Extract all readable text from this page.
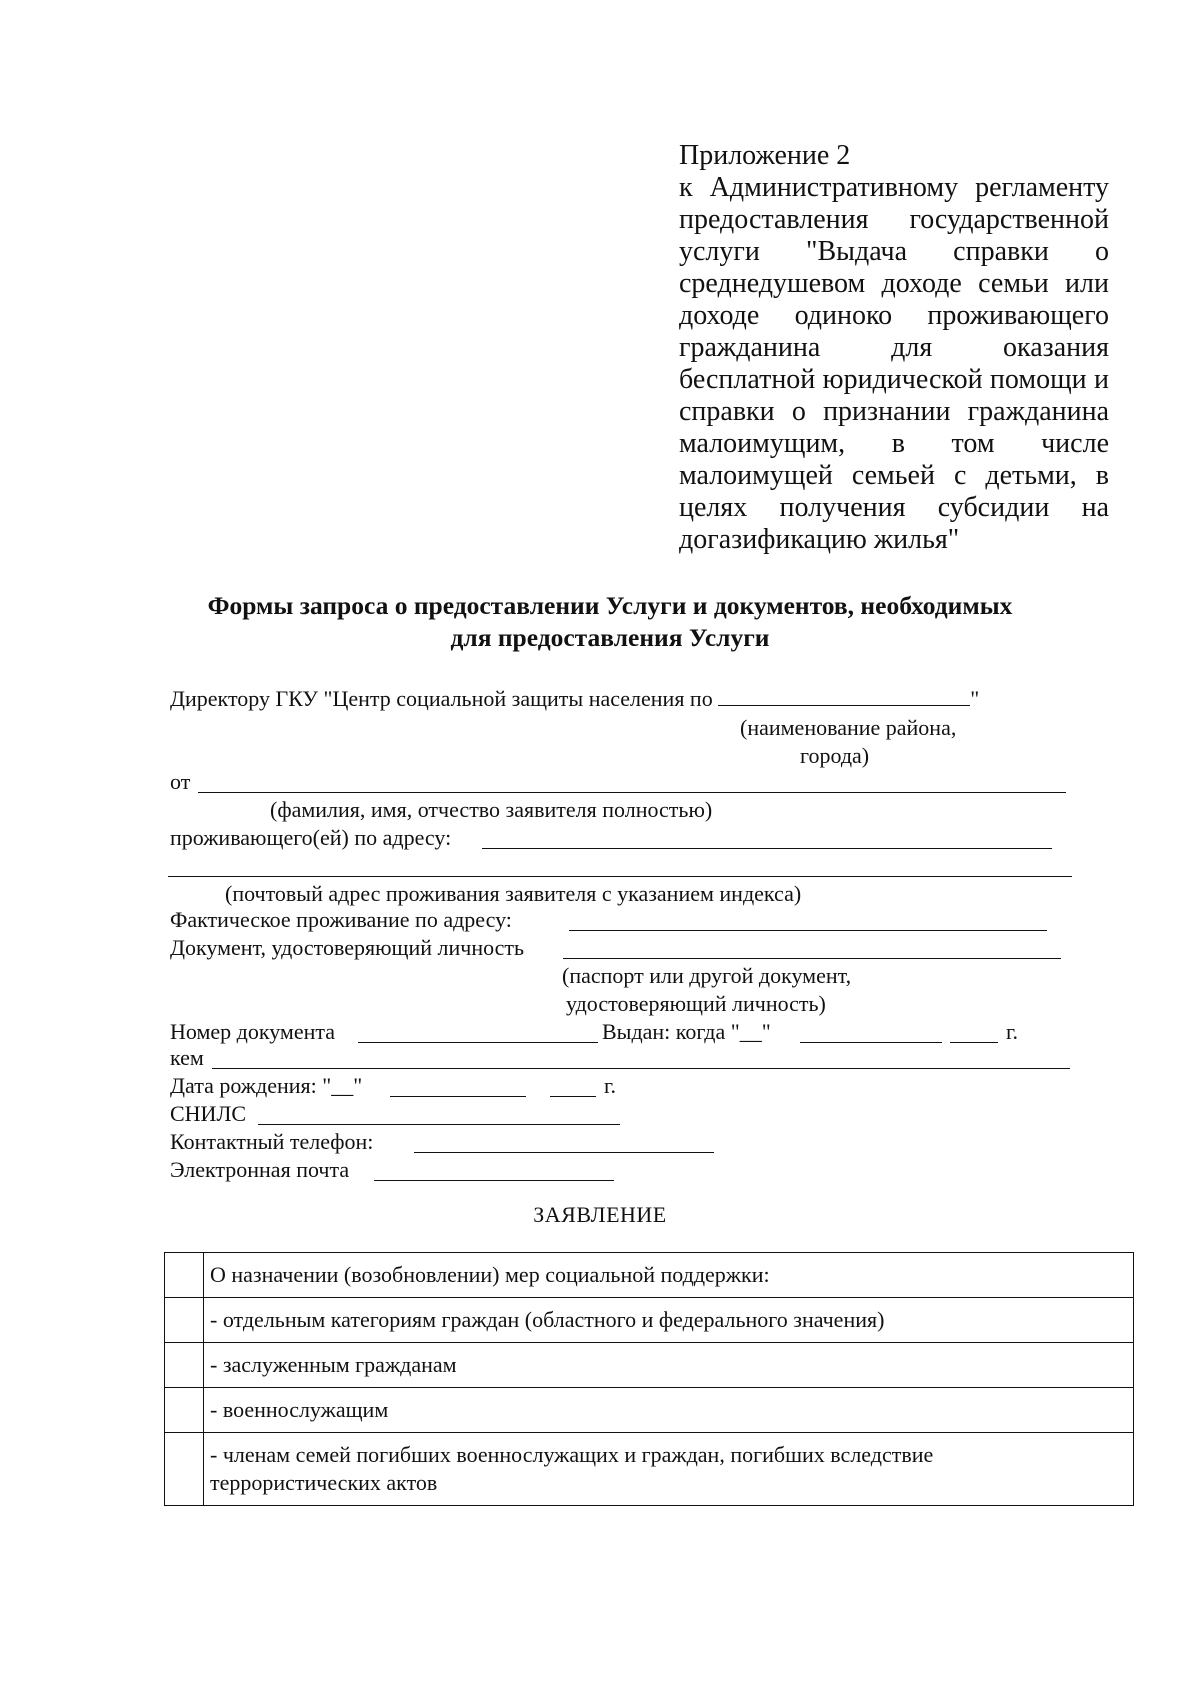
Приложение 2
к Административному регламенту предоставления государственной услуги "Выдача справки о среднедушевом доходе семьи или доходе одиноко проживающего гражданина для оказания бесплатной юридической помощи и справки о признании гражданина малоимущим, в том числе малоимущей семьей с детьми, в целях получения субсидии на догазификацию жилья"
Формы запроса о предоставлении Услуги и документов, необходимых
для предоставления Услуги
Директору ГКУ "Центр социальной защиты населения по	"
(наименование района,
города)
от
(фамилия, имя, отчество заявителя полностью)
проживающего(ей) по адресу:
(почтовый адрес проживания заявителя с указанием индекса)
Фактическое проживание по адресу:
Документ, удостоверяющий личность
(паспорт или другой документ,
удостоверяющий личность)
Номер документа	Выдан: когда "__"	г.
кем
Дата рождения: "__"	г.
СНИЛС
Контактный телефон:
Электронная почта
ЗАЯВЛЕНИЕ

	О назначении (возобновлении) мер социальной поддержки:

	- отдельным категориям граждан (областного и федерального значения)

	- заслуженным гражданам

	- военнослужащим

	- членам семей погибших военнослужащих и граждан, погибших вследствие
террористических актов
